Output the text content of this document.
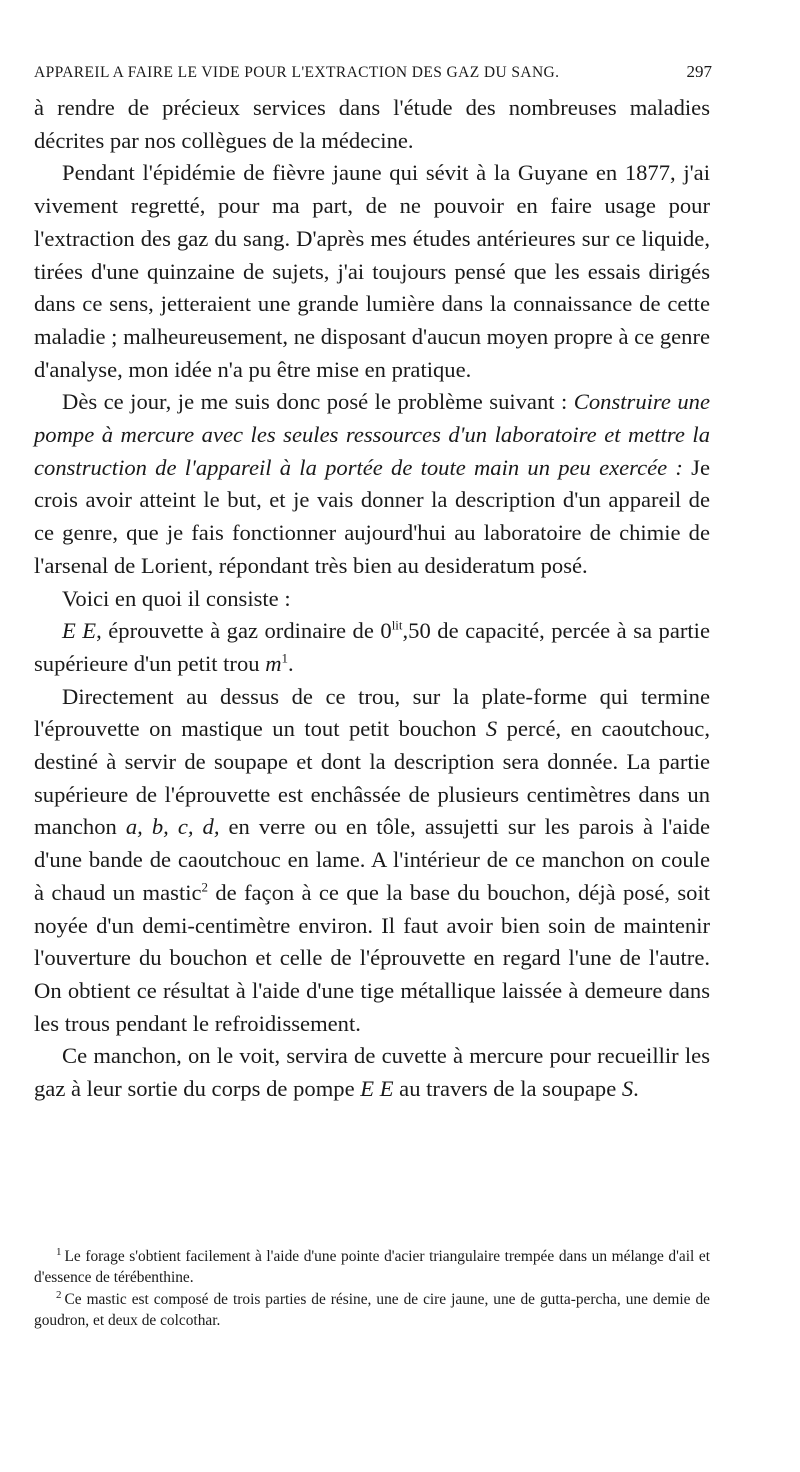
APPAREIL A FAIRE LE VIDE POUR L'EXTRACTION DES GAZ DU SANG.	297

à rendre de précieux services dans l'étude des nombreuses maladies décrites par nos collègues de la médecine.

Pendant l'épidémie de fièvre jaune qui sévit à la Guyane en 1877, j'ai vivement regretté, pour ma part, de ne pouvoir en faire usage pour l'extraction des gaz du sang. D'après mes études antérieures sur ce liquide, tirées d'une quinzaine de sujets, j'ai toujours pensé que les essais dirigés dans ce sens, jetteraient une grande lumière dans la connaissance de cette maladie ; malheureusement, ne disposant d'aucun moyen propre à ce genre d'analyse, mon idée n'a pu être mise en pratique.

Dès ce jour, je me suis donc posé le problème suivant : Construire une pompe à mercure avec les seules ressources d'un laboratoire et mettre la construction de l'appareil à la portée de toute main un peu exercée : Je crois avoir atteint le but, et je vais donner la description d'un appareil de ce genre, que je fais fonctionner aujourd'hui au laboratoire de chimie de l'arsenal de Lorient, répondant très bien au desideratum posé.

Voici en quoi il consiste :

E E, éprouvette à gaz ordinaire de $0^{lit},50$ de capacité, percée à sa partie supérieure d'un petit trou m$^1$.

Directement au dessus de ce trou, sur la plate-forme qui termine l'éprouvette on mastique un tout petit bouchon S percé, en caoutchouc, destiné à servir de soupape et dont la description sera donnée. La partie supérieure de l'éprouvette est enchâssée de plusieurs centimètres dans un manchon a, b, c, d, en verre ou en tôle, assujetti sur les parois à l'aide d'une bande de caoutchouc en lame. A l'intérieur de ce manchon on coule à chaud un mastic$^2$ de façon à ce que la base du bouchon, déjà posé, soit noyée d'un demi-centimètre environ. Il faut avoir bien soin de maintenir l'ouverture du bouchon et celle de l'éprouvette en regard l'une de l'autre. On obtient ce résultat à l'aide d'une tige métallique laissée à demeure dans les trous pendant le refroidissement.

Ce manchon, on le voit, servira de cuvette à mercure pour recueillir les gaz à leur sortie du corps de pompe E E au travers de la soupape S.

$^1$ Le forage s'obtient facilement à l'aide d'une pointe d'acier triangulaire trempée dans un mélange d'ail et d'essence de térébenthine.

$^2$ Ce mastic est composé de trois parties de résine, une de cire jaune, une de gutta-percha, une demie de goudron, et deux de colcothar.
